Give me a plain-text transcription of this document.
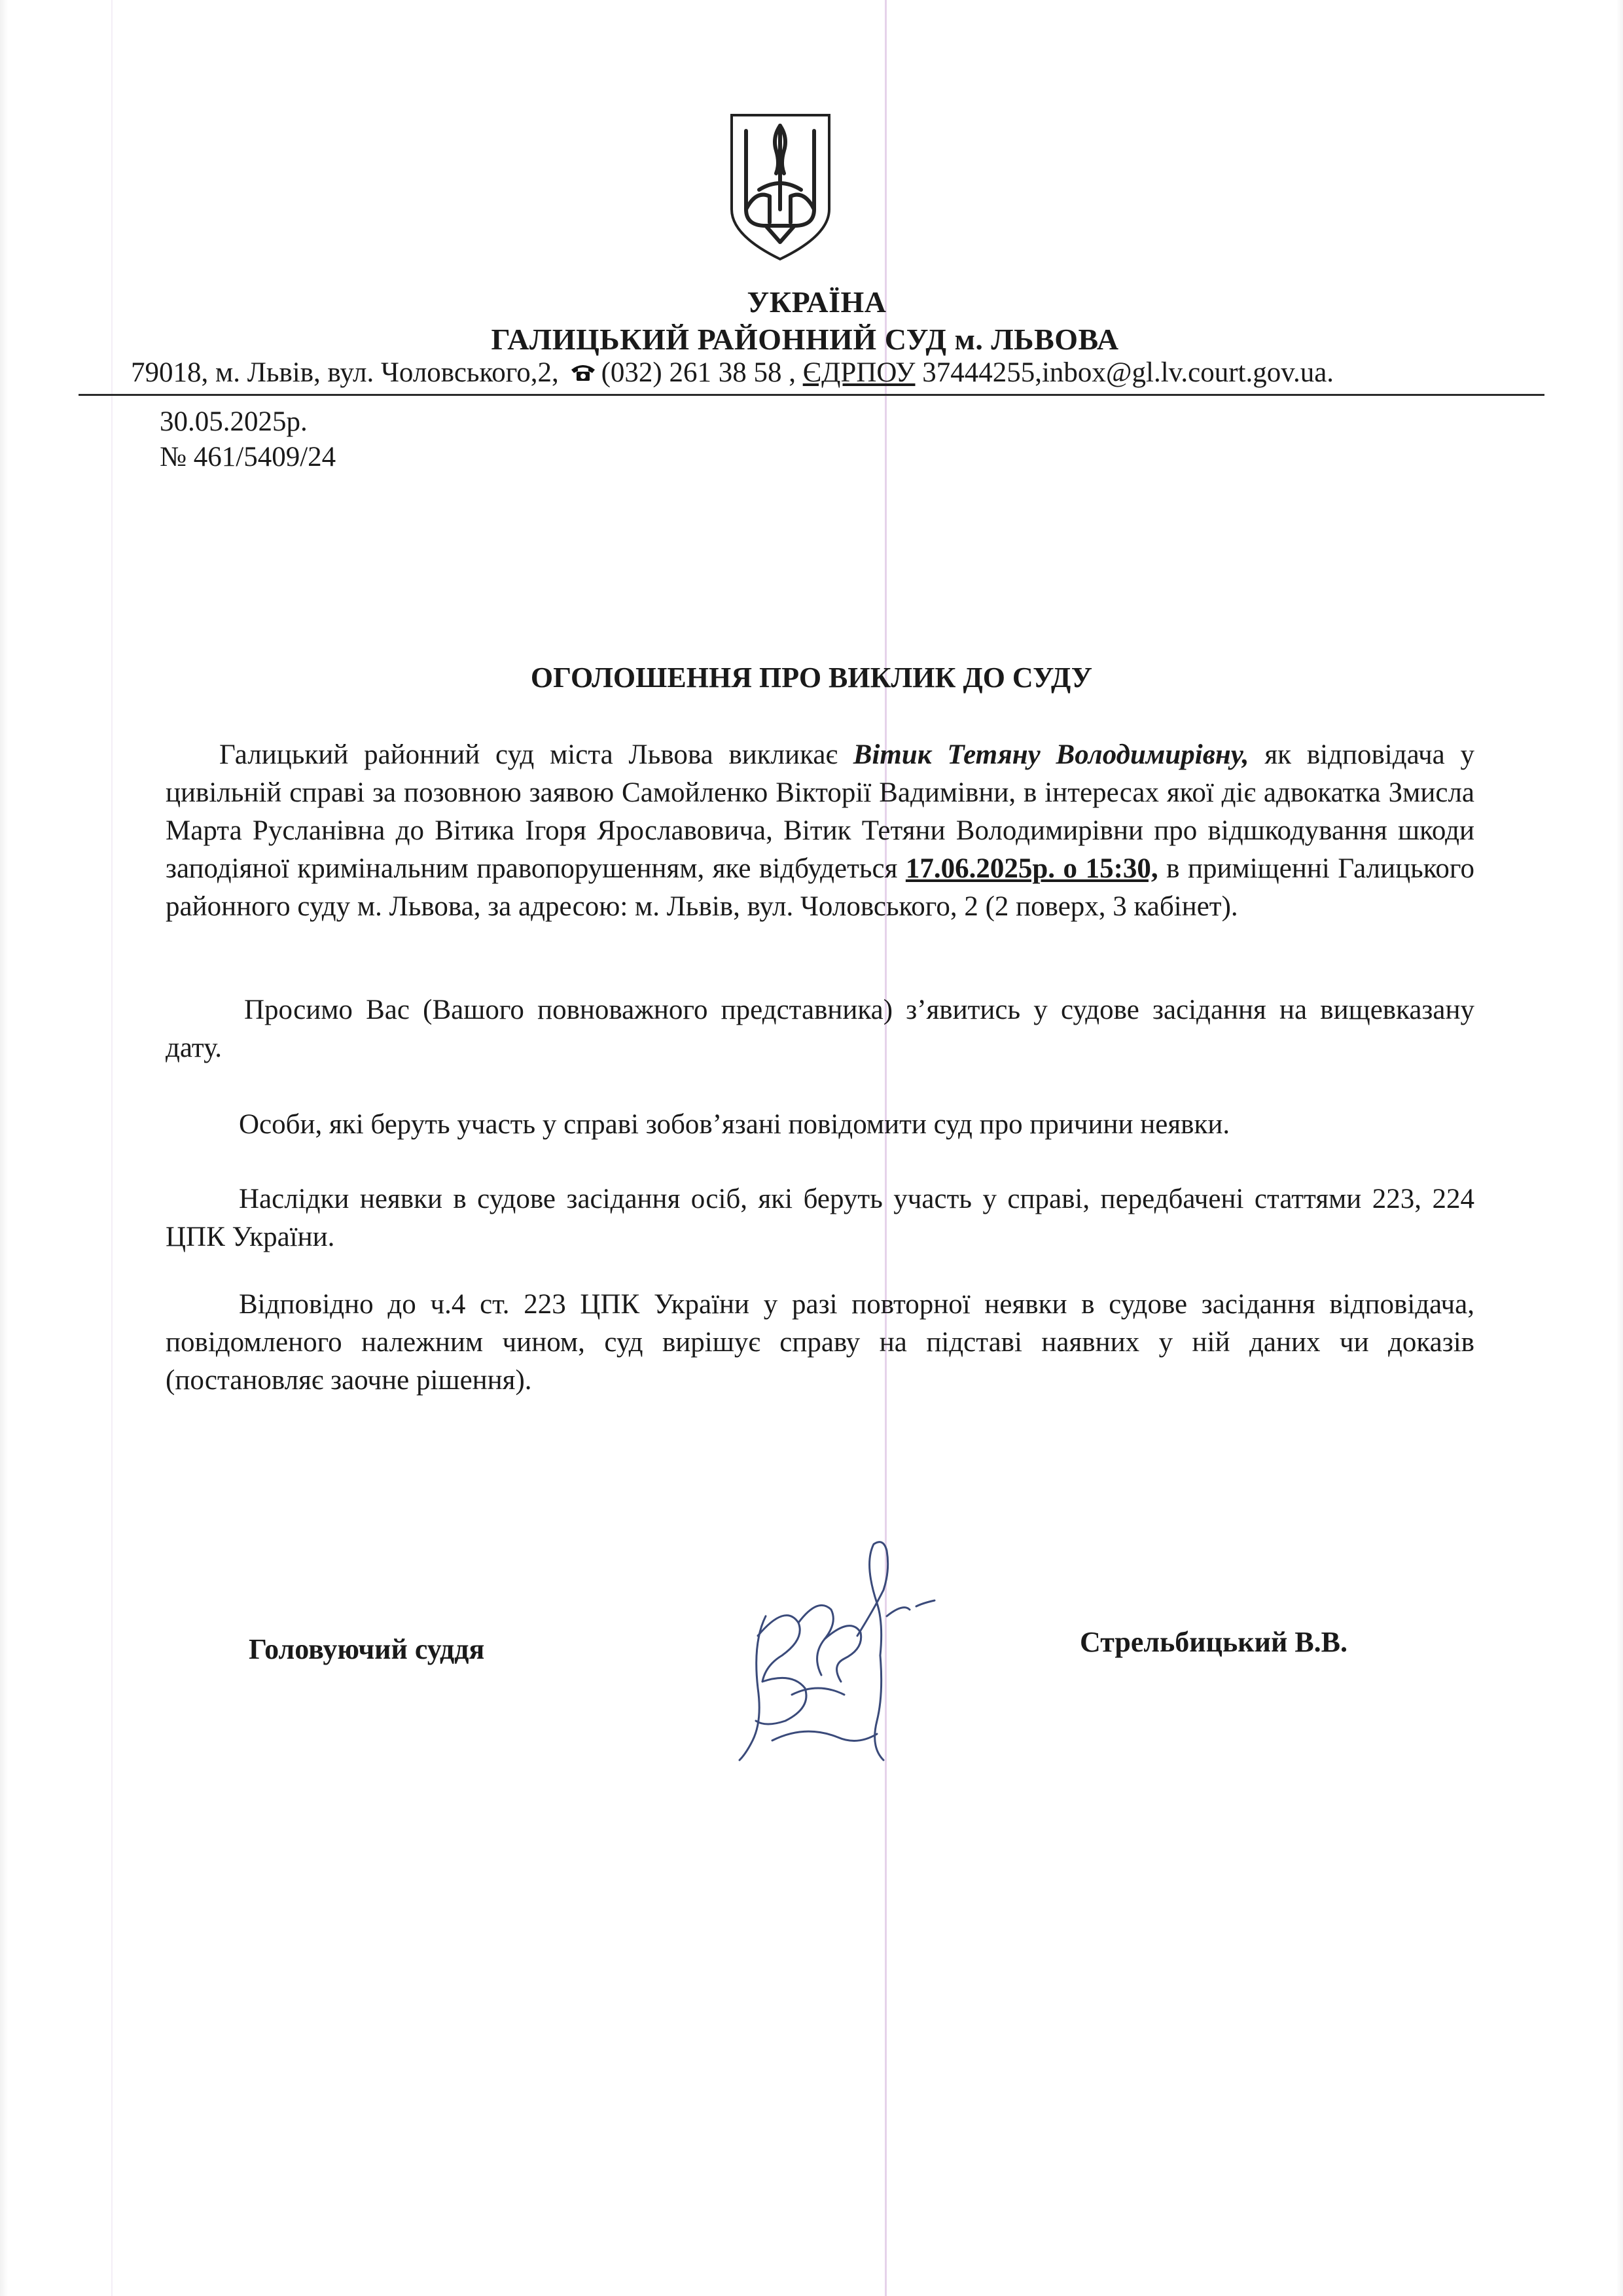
УКРАЇНА
ГАЛИЦЬКИЙ РАЙОННИЙ СУД м. ЛЬВОВА
79018, м. Львів, вул. Чоловського,2, (032) 261 38 58 , ЄДРПОУ 37444255,inbox@gl.lv.court.gov.ua.
30.05.2025р.
№ 461/5409/24
ОГОЛОШЕННЯ ПРО ВИКЛИК ДО СУДУ

Галицький районний суд міста Львова викликає Вітик Тетяну Володимирівну, як відповідача у цивільній справі за позовною заявою Самойленко Вікторії Вадимівни, в інтересах якої діє адвокатка Змисла Марта Русланівна до Вітика Ігоря Ярославовича, Вітик Тетяни Володимирівни про відшкодування шкоди заподіяної кримінальним правопорушенням, яке відбудеться 17.06.2025р. о 15:30, в приміщенні Галицького районного суду м. Львова, за адресою: м. Львів, вул. Чоловського, 2 (2 поверх, 3 кабінет).

Просимо Вас (Вашого повноважного представника) з’явитись у судове засідання на вищевказану дату.

Особи, які беруть участь у справі зобов’язані повідомити суд про причини неявки.

Наслідки неявки в судове засідання осіб, які беруть участь у справі, передбачені статтями 223, 224 ЦПК України.

Відповідно до ч.4 ст. 223 ЦПК України у разі повторної неявки в судове засідання відповідача, повідомленого належним чином, суд вирішує справу на підставі наявних у ній даних чи доказів (постановляє заочне рішення).

Головуючий суддя	Стрельбицький В.В.
